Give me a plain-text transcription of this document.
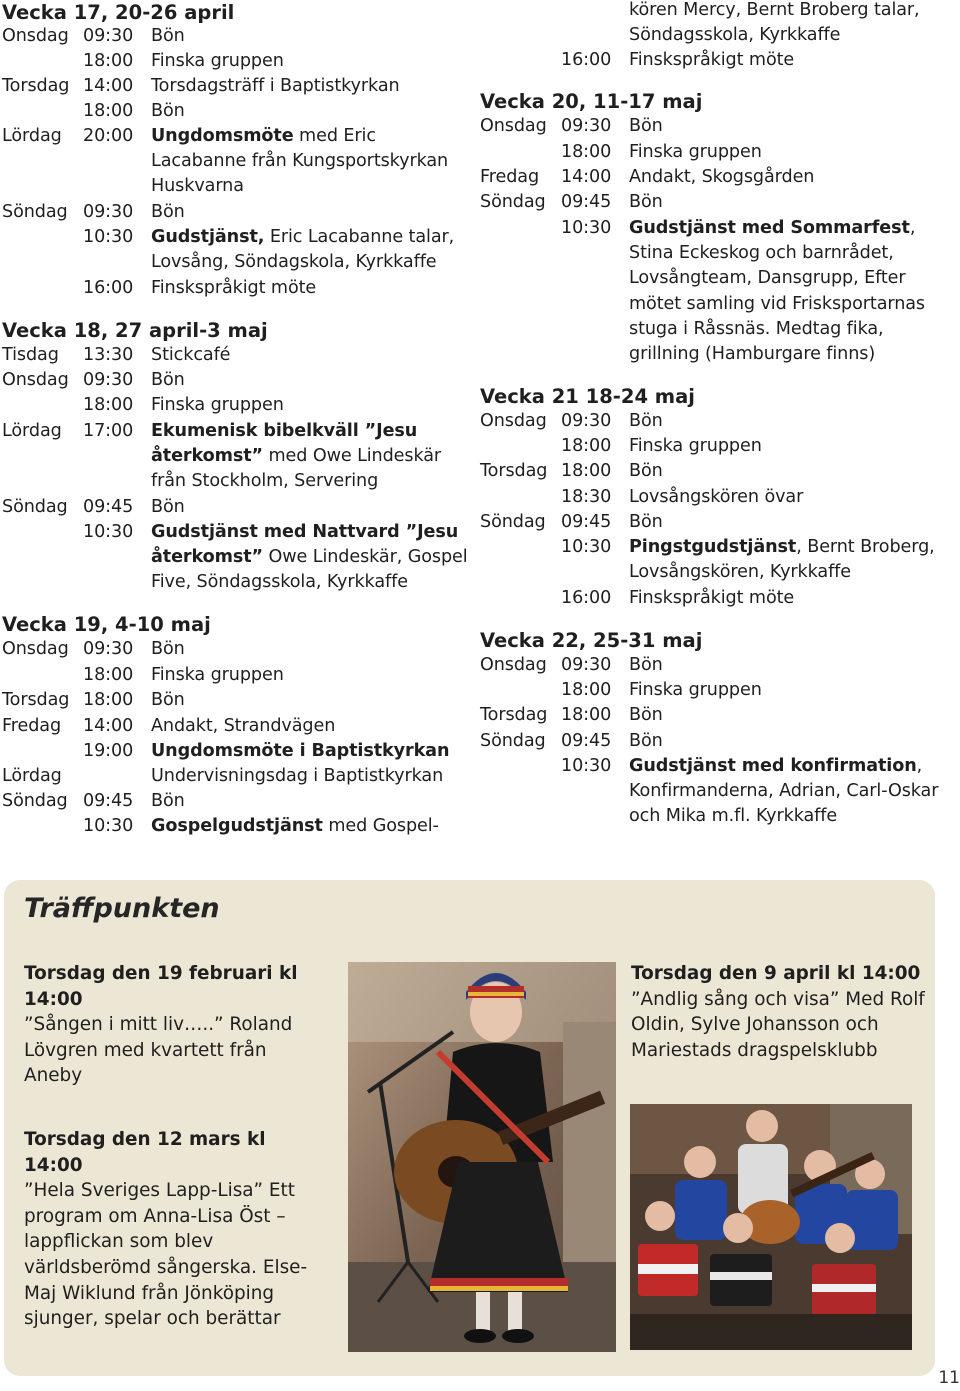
Vecka 17, 20-26 april
Onsdag 09:30	Bön
18:00	Finska gruppen
Torsdag 14:00	Torsdagsträff i Baptistkyrkan
18:00	Bön
Lördag	20:00	Ungdomsmöte med Eric Lacabanne från Kungsportskyrkan Huskvarna
Söndag 09:30	Bön
10:30	Gudstjänst, Eric Lacabanne talar, Lovsång, Söndagskola, Kyrkkaffe
16:00	Finskspråkigt möte
Vecka 18, 27 april-3 maj
Tisdag	13:30	Stickcafé
Onsdag 09:30	Bön
18:00	Finska gruppen
Lördag	17:00	Ekumenisk bibelkväll ”Jesu återkomst” med Owe Lindeskär från Stockholm, Servering
Söndag 09:45	Bön
10:30	Gudstjänst med Nattvard ”Jesu återkomst” Owe Lindeskär, Gospel Five, Söndagsskola, Kyrkkaffe
Vecka 19, 4-10 maj
Onsdag 09:30	Bön
18:00	Finska gruppen
Torsdag 18:00	Bön
Fredag	14:00	Andakt, Strandvägen
19:00	Ungdomsmöte i Baptistkyrkan
Lördag	Undervisningsdag i Baptistkyrkan
Söndag 09:45	Bön
10:30	Gospelgudstjänst med Gospel-
kören Mercy, Bernt Broberg talar, Söndagsskola, Kyrkkaffe
16:00	Finskspråkigt möte
Vecka 20, 11-17 maj
Onsdag 09:30	Bön
18:00	Finska gruppen
Fredag	14:00	Andakt, Skogsgården
Söndag 09:45	Bön
10:30	Gudstjänst med Sommarfest, Stina Eckeskog och barnrådet, Lovsångteam, Dansgrupp, Efter mötet samling vid Frisksportarnas stuga i Råssnäs. Medtag fika, grillning (Hamburgare finns)
Vecka 21 18-24 maj
Onsdag 09:30	Bön
18:00	Finska gruppen
Torsdag 18:00	Bön
18:30	Lovsångskören övar
Söndag 09:45	Bön
10:30	Pingstgudstjänst, Bernt Broberg, Lovsångskören, Kyrkkaffe
16:00	Finskspråkigt möte
Vecka 22, 25-31 maj
Onsdag 09:30	Bön
18:00	Finska gruppen
Torsdag 18:00	Bön
Söndag 09:45	Bön
10:30	Gudstjänst med konfirmation, Konfirmanderna, Adrian, Carl-Oskar och Mika m.fl. Kyrkkaffe
Träffpunkten
Torsdag den 19 februari kl 14:00
”Sången i mitt liv…..” Roland Lövgren med kvartett från Aneby
Torsdag den 12 mars kl 14:00
”Hela Sveriges Lapp-Lisa” Ett program om Anna-Lisa Öst – lappflickan som blev världsberömd sångerska. Else-Maj Wiklund från Jönköping sjunger, spelar och berättar
Torsdag den 9 april kl 14:00
”Andlig sång och visa” Med Rolf Oldin, Sylve Johansson och Mariestads dragspelsklubb
11
